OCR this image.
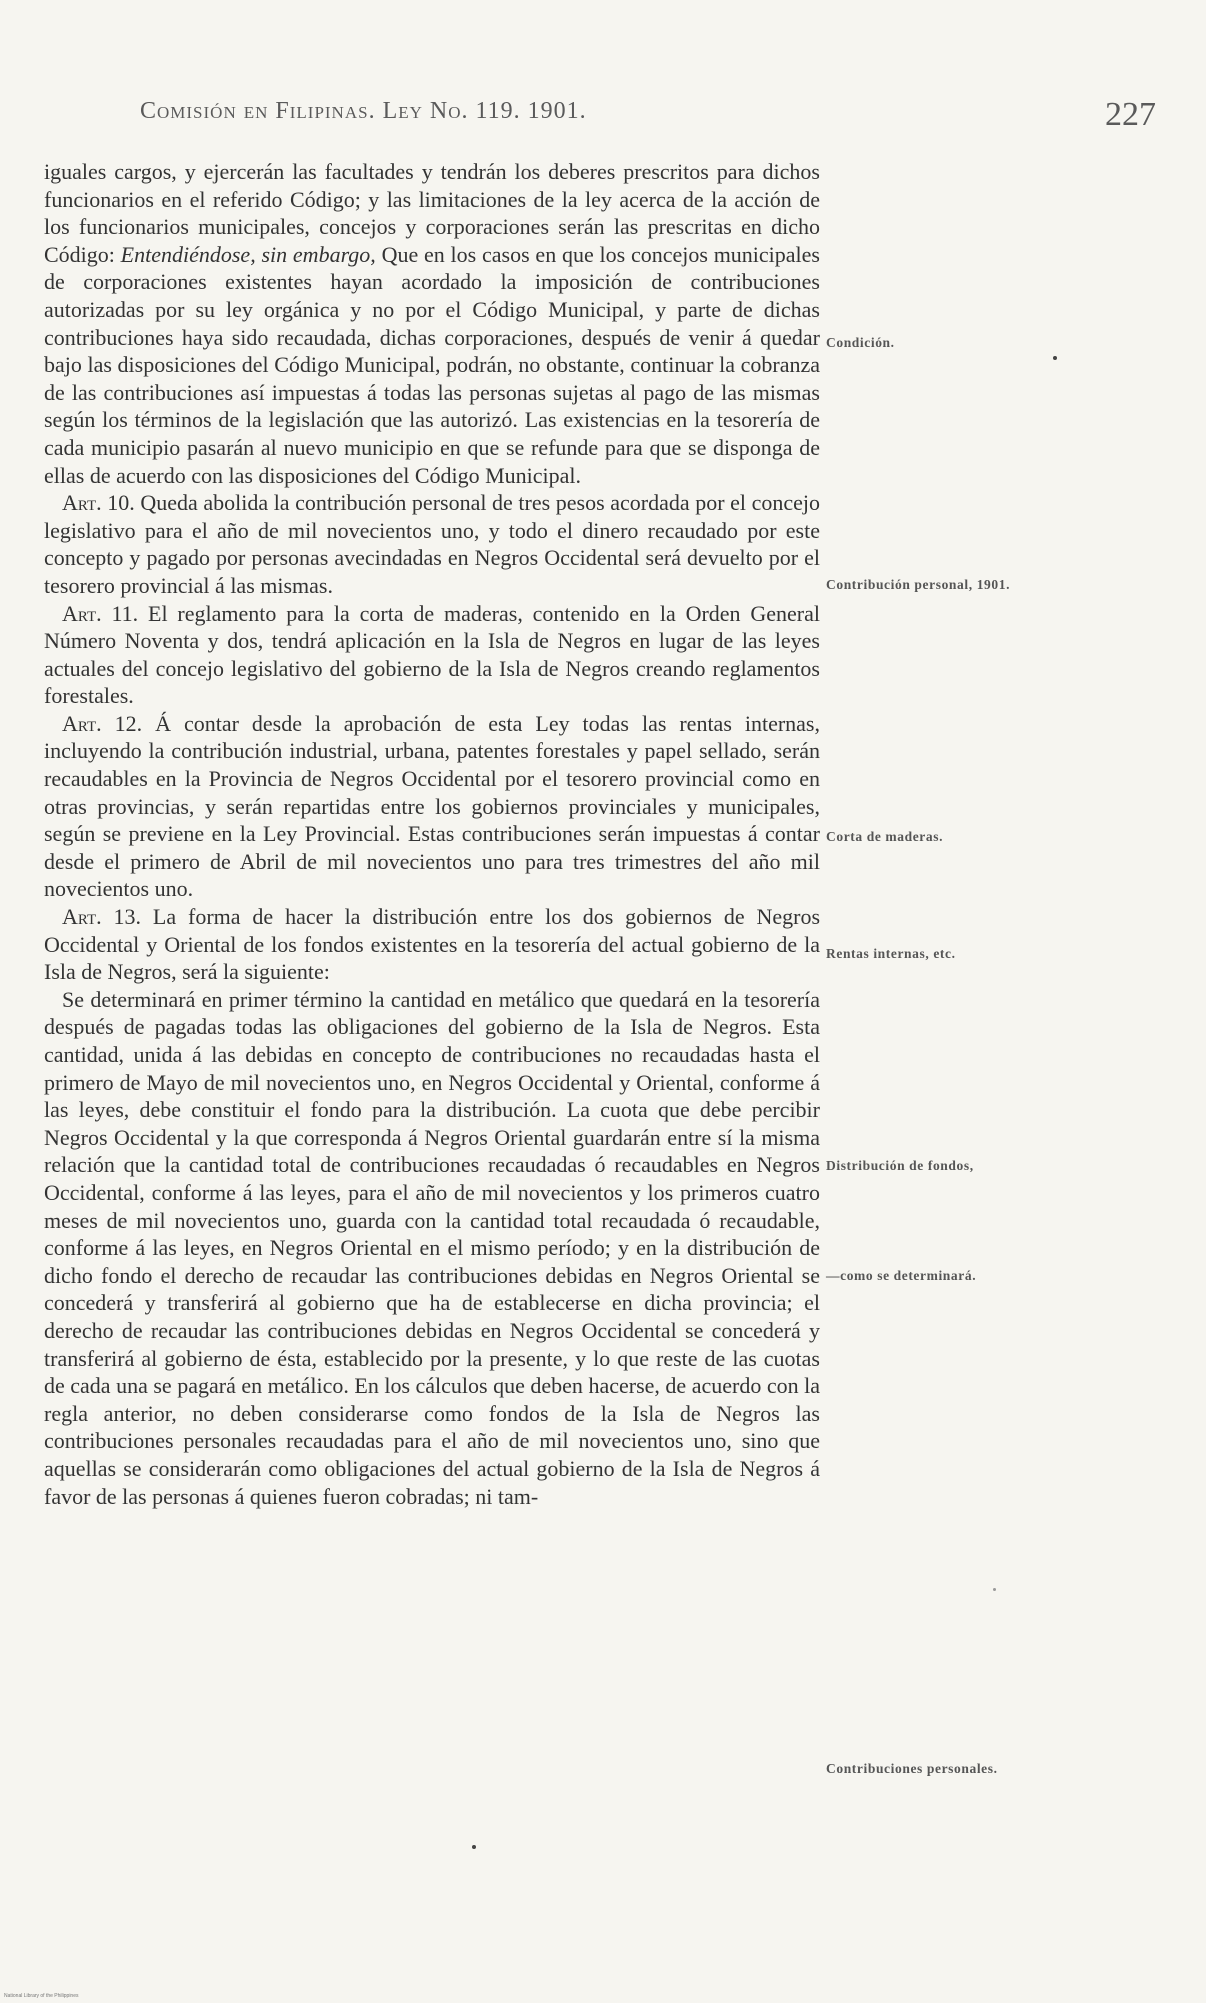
Comisión en Filipinas. Ley No. 119. 1901.	227

iguales cargos, y ejercerán las facultades y tendrán los deberes prescritos para dichos funcionarios en el referido Código; y las limitaciones de la ley acerca de la acción de los funcionarios municipales, concejos y corporaciones serán las prescritas en dicho Código: Entendiéndose, sin embargo, Que en los casos en que los concejos municipales de corporaciones existentes hayan acordado la imposición de contribuciones autorizadas por su ley orgánica y no por el Código Municipal, y parte de dichas contribuciones haya sido recaudada, dichas corporaciones, después de venir á quedar bajo las disposiciones del Código Municipal, podrán, no obstante, continuar la cobranza de las contribuciones así impuestas á todas las personas sujetas al pago de las mismas según los términos de la legislación que las autorizó. Las existencias en la tesorería de cada municipio pasarán al nuevo municipio en que se refunde para que se disponga de ellas de acuerdo con las disposiciones del Código Municipal.

Art. 10. Queda abolida la contribución personal de tres pesos acordada por el concejo legislativo para el año de mil novecientos uno, y todo el dinero recaudado por este concepto y pagado por personas avecindadas en Negros Occidental será devuelto por el tesorero provincial á las mismas.

Art. 11. El reglamento para la corta de maderas, contenido en la Orden General Número Noventa y dos, tendrá aplicación en la Isla de Negros en lugar de las leyes actuales del concejo legislativo del gobierno de la Isla de Negros creando reglamentos forestales.

Art. 12. Á contar desde la aprobación de esta Ley todas las rentas internas, incluyendo la contribución industrial, urbana, patentes forestales y papel sellado, serán recaudables en la Provincia de Negros Occidental por el tesorero provincial como en otras provincias, y serán repartidas entre los gobiernos provinciales y municipales, según se previene en la Ley Provincial. Estas contribuciones serán impuestas á contar desde el primero de Abril de mil novecientos uno para tres trimestres del año mil novecientos uno.

Art. 13. La forma de hacer la distribución entre los dos gobiernos de Negros Occidental y Oriental de los fondos existentes en la tesorería del actual gobierno de la Isla de Negros, será la siguiente:

Se determinará en primer término la cantidad en metálico que quedará en la tesorería después de pagadas todas las obligaciones del gobierno de la Isla de Negros. Esta cantidad, unida á las debidas en concepto de contribuciones no recaudadas hasta el primero de Mayo de mil novecientos uno, en Negros Occidental y Oriental, conforme á las leyes, debe constituir el fondo para la distribución. La cuota que debe percibir Negros Occidental y la que corresponda á Negros Oriental guardarán entre sí la misma relación que la cantidad total de contribuciones recaudadas ó recaudables en Negros Occidental, conforme á las leyes, para el año de mil novecientos y los primeros cuatro meses de mil novecientos uno, guarda con la cantidad total recaudada ó recaudable, conforme á las leyes, en Negros Oriental en el mismo período; y en la distribución de dicho fondo el derecho de recaudar las contribuciones debidas en Negros Oriental se concederá y transferirá al gobierno que ha de establecerse en dicha provincia; el derecho de recaudar las contribuciones debidas en Negros Occidental se concederá y transferirá al gobierno de ésta, establecido por la presente, y lo que reste de las cuotas de cada una se pagará en metálico. En los cálculos que deben hacerse, de acuerdo con la regla anterior, no deben considerarse como fondos de la Isla de Negros las contribuciones personales recaudadas para el año de mil novecientos uno, sino que aquellas se considerarán como obligaciones del actual gobierno de la Isla de Negros á favor de las personas á quienes fueron cobradas; ni tam-

Condición.
Contribución personal, 1901.
Corta de maderas.
Rentas internas, etc.
Distribución de fondos,
—como se determinará.
Contribuciones personales.
National Library of the Philippines
